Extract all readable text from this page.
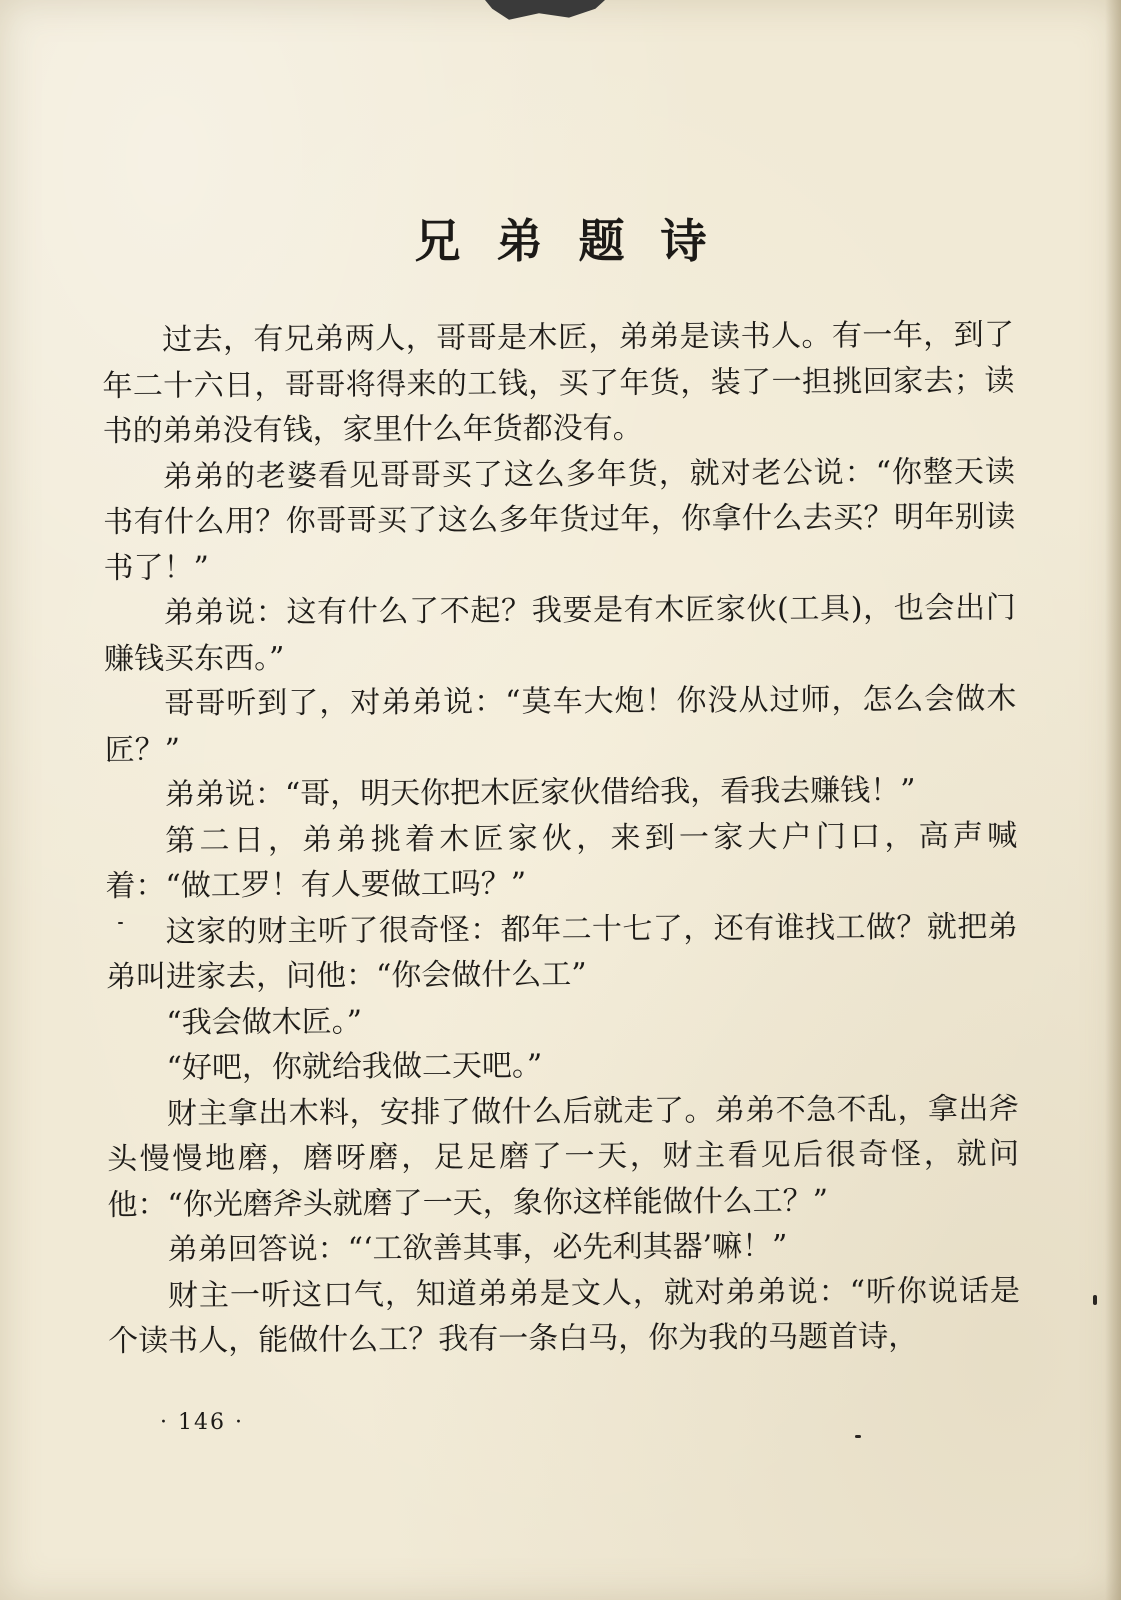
兄弟题诗

过去，有兄弟两人，哥哥是木匠，弟弟是读书人。有一年，到了年二十六日，哥哥将得来的工钱，买了年货，装了一担挑回家去；读书的弟弟没有钱，家里什么年货都没有。

弟弟的老婆看见哥哥买了这么多年货，就对老公说：“你整天读书有什么用？你哥哥买了这么多年货过年，你拿什么去买？明年别读书了！”

弟弟说：这有什么了不起？我要是有木匠家伙(工具)，也会出门赚钱买东西。”

哥哥听到了，对弟弟说：“莫车大炮！你没从过师，怎么会做木匠？”

弟弟说：“哥，明天你把木匠家伙借给我，看我去赚钱！”

第二日，弟弟挑着木匠家伙，来到一家大户门口，高声喊着：“做工罗！有人要做工吗？”

这家的财主听了很奇怪：都年二十七了，还有谁找工做？就把弟弟叫进家去，问他：“你会做什么工”

“我会做木匠。”

“好吧，你就给我做二天吧。”

财主拿出木料，安排了做什么后就走了。弟弟不急不乱，拿出斧头慢慢地磨，磨呀磨，足足磨了一天，财主看见后很奇怪，就问他：“你光磨斧头就磨了一天，象你这样能做什么工？”

弟弟回答说：“‘工欲善其事，必先利其器’嘛！”

财主一听这口气，知道弟弟是文人，就对弟弟说：“听你说话是个读书人，能做什么工？我有一条白马，你为我的马题首诗，

· 146 ·
